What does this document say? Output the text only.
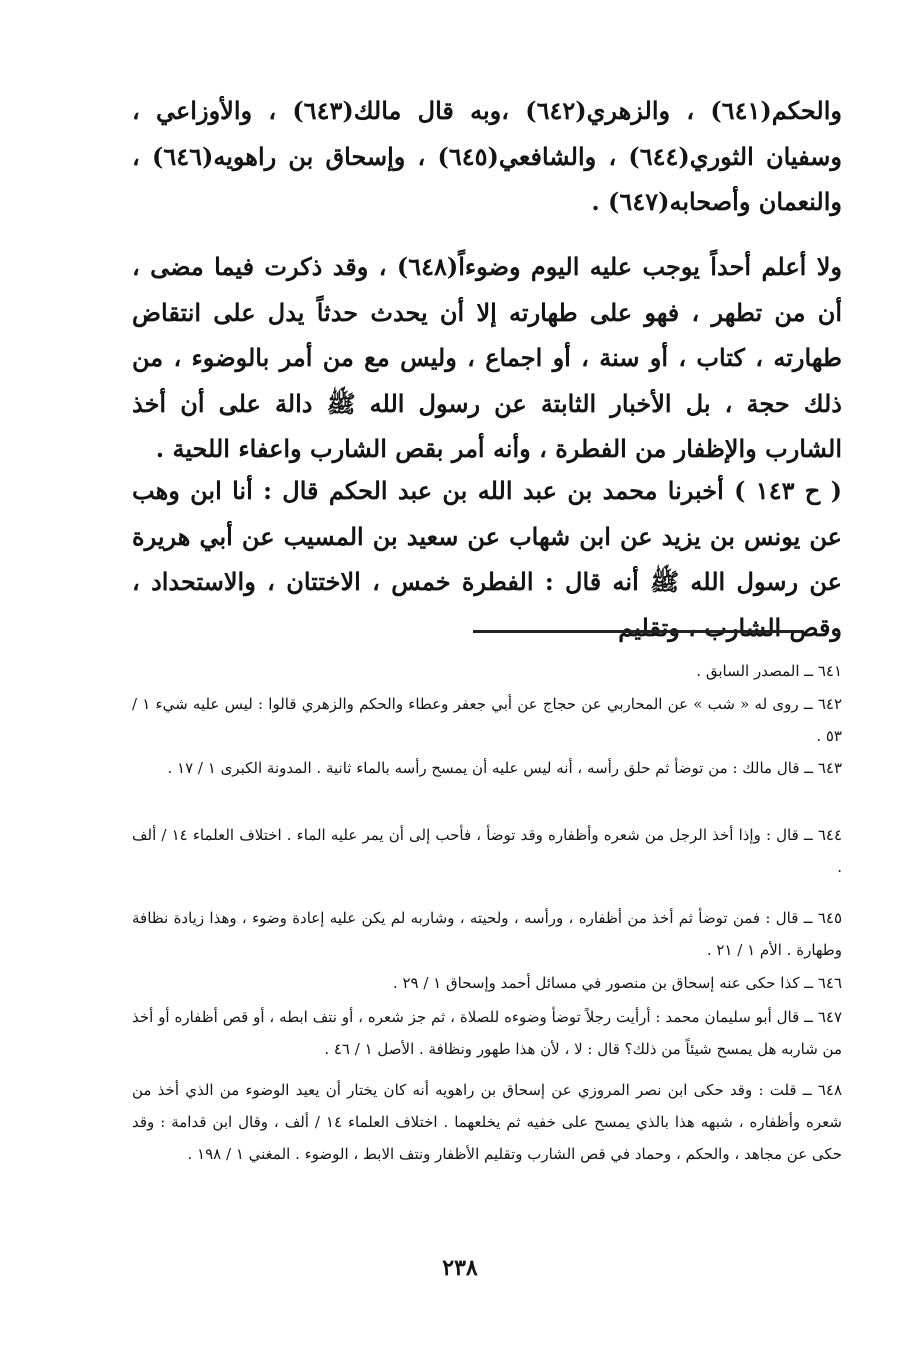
والحكم(٦٤١) ، والزهري(٦٤٢) ،وبه قال مالك(٦٤٣) ، والأوزاعي ، وسفيان الثوري(٦٤٤) ، والشافعي(٦٤٥) ، وإسحاق بن راهويه(٦٤٦) ، والنعمان وأصحابه(٦٤٧) .

ولا أعلم أحداً يوجب عليه اليوم وضوءاً(٦٤٨) ، وقد ذكرت فيما مضى ، أن من تطهر ، فهو على طهارته إلا أن يحدث حدثاً يدل على انتقاض طهارته ، كتاب ، أو سنة ، أو اجماع ، وليس مع من أمر بالوضوء ، من ذلك حجة ، بل الأخبار الثابتة عن رسول الله ﷺ دالة على أن أخذ الشارب والإظفار من الفطرة ، وأنه أمر بقص الشارب واعفاء اللحية .

( ح ١٤٣ ) أخبرنا محمد بن عبد الله بن عبد الحكم قال : أنا ابن وهب عن يونس بن يزيد عن ابن شهاب عن سعيد بن المسيب عن أبي هريرة عن رسول الله ﷺ أنه قال : الفطرة خمس ، الاختتان ، والاستحداد ، وقص الشارب ، وتقليم

٦٤١ ــ المصدر السابق .

٦٤٢ ــ روى له « شب » عن المحاربي عن حجاج عن أبي جعفر وعطاء والحكم والزهري قالوا : ليس عليه شيء ١ / ٥٣ .

٦٤٣ ــ قال مالك : من توضأ ثم حلق رأسه ، أنه ليس عليه أن يمسح رأسه بالماء ثانية . المدونة الكبرى ١ / ١٧ .

٦٤٤ ــ قال : وإذا أخذ الرجل من شعره وأظفاره وقد توضأ ، فأحب إلى أن يمر عليه الماء . اختلاف العلماء ١٤ / ألف .

٦٤٥ ــ قال : فمن توضأ ثم أخذ من أظفاره ، ورأسه ، ولحيته ، وشاربه لم يكن عليه إعادة وضوء ، وهذا زيادة نظافة وطهارة . الأم ١ / ٢١ .

٦٤٦ ــ كذا حكى عنه إسحاق بن منصور في مسائل أحمد وإسحاق ١ / ٢٩ .

٦٤٧ ــ قال أبو سليمان محمد : أرأيت رجلاً توضأ وضوءه للصلاة ، ثم جز شعره ، أو نتف ابطه ، أو قص أظفاره أو أخذ من شاربه هل يمسح شيئاً من ذلك؟ قال : لا ، لأن هذا طهور ونظافة . الأصل ١ / ٤٦ .

٦٤٨ ــ قلت : وقد حكى ابن نصر المروزي عن إسحاق بن راهويه أنه كان يختار أن يعيد الوضوء من الذي أخذ من شعره وأظفاره ، شبهه هذا بالذي يمسح على خفيه ثم يخلعهما . اختلاف العلماء ١٤ / ألف ، وقال ابن قدامة : وقد حكى عن مجاهد ، والحكم ، وحماد في قص الشارب وتقليم الأظفار ونتف الابط ، الوضوء . المغني ١ / ١٩٨ .

٢٣٨
